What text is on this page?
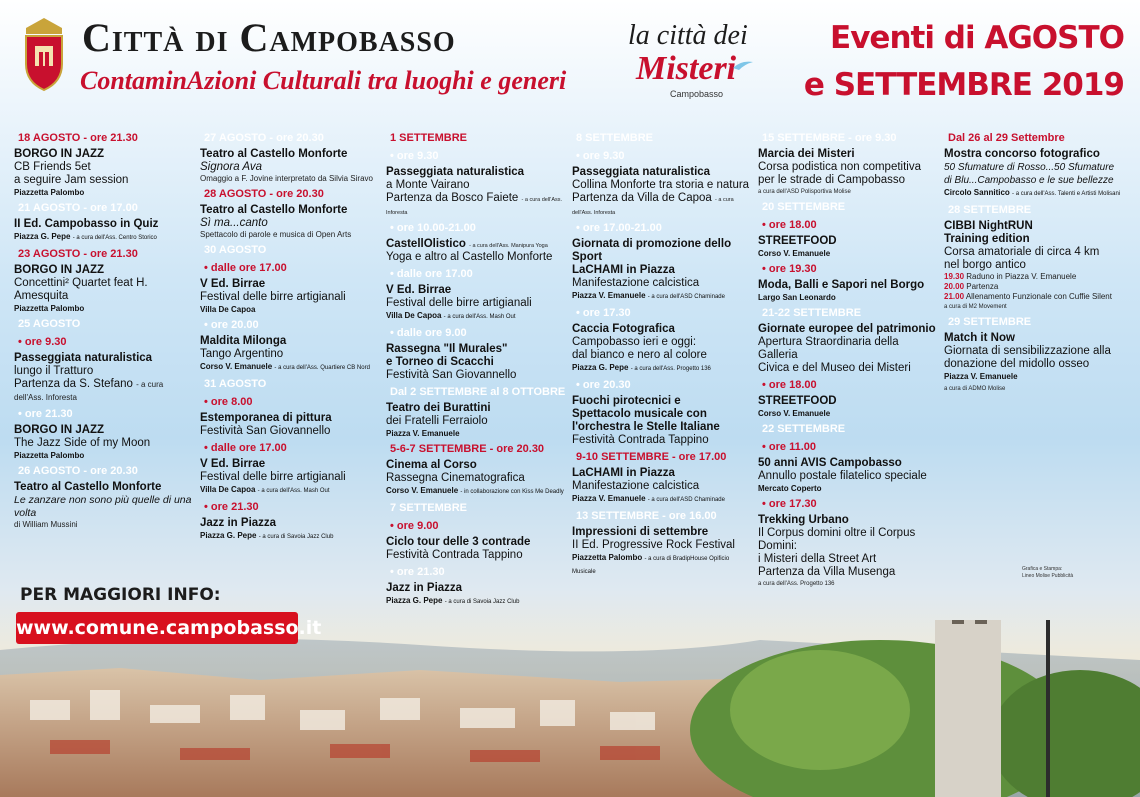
Città di Campobasso
ContaminAzioni Culturali tra luoghi e generi
la città dei
Misteri
Campobasso
Eventi di AGOSTO
e SETTEMBRE 2019
18 AGOSTO - ore 21.30
BORGO IN JAZZ
CB Friends 5et
a seguire Jam session
Piazzetta Palombo
21 AGOSTO - ore 17.00
II Ed. Campobasso in Quiz
Piazza G. Pepe - a cura dell'Ass. Centro Storico
23 AGOSTO - ore 21.30
BORGO IN JAZZ
Concettini² Quartet feat H. Amesquita
Piazzetta Palombo
25 AGOSTO
• ore 9.30
Passeggiata naturalistica
lungo il Tratturo
Partenza da S. Stefano - a cura dell'Ass. Inforesta
• ore 21.30
BORGO IN JAZZ
The Jazz Side of my Moon
Piazzetta Palombo
26 AGOSTO - ore 20.30
Teatro al Castello Monforte
Le zanzare non sono più quelle di una volta
di William Mussini
27 AGOSTO - ore 20.30
Teatro al Castello Monforte
Signora Ava
Omaggio a F. Jovine interpretato da Silvia Siravo
28 AGOSTO - ore 20.30
Teatro al Castello Monforte
Sì ma...canto
Spettacolo di parole e musica di Open Arts
30 AGOSTO
• dalle ore 17.00
V Ed. Birrae
Festival delle birre artigianali
Villa De Capoa
• ore 20.00
Maldita Milonga
Tango Argentino
Corso V. Emanuele - a cura dell'Ass. Quartiere CB Nord
31 AGOSTO
• ore 8.00
Estemporanea di pittura
Festività San Giovannello
• dalle ore 17.00
V Ed. Birrae
Festival delle birre artigianali
Villa De Capoa - a cura dell'Ass. Mash Out
• ore 21.30
Jazz in Piazza
Piazza G. Pepe - a cura di Savoia Jazz Club
1 SETTEMBRE
• ore 9.30
Passeggiata naturalistica
a Monte Vairano
Partenza da Bosco Faiete - a cura dell'Ass. Inforesta
• ore 10.00-21.00
CastellOlistico - a cura dell'Ass. Manipura Yoga
Yoga e altro al Castello Monforte
• dalle ore 17.00
V Ed. Birrae
Festival delle birre artigianali
Villa De Capoa - a cura dell'Ass. Mash Out
• dalle ore 9.00
Rassegna "Il Murales"
e Torneo di Scacchi
Festività San Giovannello
Dal 2 SETTEMBRE al 8 OTTOBRE
Teatro dei Burattini
dei Fratelli Ferraiolo
Piazza V. Emanuele
5-6-7 SETTEMBRE - ore 20.30
Cinema al Corso
Rassegna Cinematografica
Corso V. Emanuele - in collaborazione con Kiss Me Deadly
7 SETTEMBRE
• ore 9.00
Ciclo tour delle 3 contrade
Festività Contrada Tappino
• ore 21.30
Jazz in Piazza
Piazza G. Pepe - a cura di Savoia Jazz Club
8 SETTEMBRE
• ore 9.30
Passeggiata naturalistica
Collina Monforte tra storia e natura
Partenza da Villa de Capoa - a cura dell'Ass. Inforesta
• ore 17.00-21.00
Giornata di promozione dello Sport
LaCHAMI in Piazza
Manifestazione calcistica
Piazza V. Emanuele - a cura dell'ASD Chaminade
• ore 17.30
Caccia Fotografica
Campobasso ieri e oggi:
dal bianco e nero al colore
Piazza G. Pepe - a cura dell'Ass. Progetto 136
• ore 20.30
Fuochi pirotecnici e
Spettacolo musicale con
l'orchestra le Stelle Italiane
Festività Contrada Tappino
9-10 SETTEMBRE - ore 17.00
LaCHAMI in Piazza
Manifestazione calcistica
Piazza V. Emanuele - a cura dell'ASD Chaminade
13 SETTEMBRE - ore 16.00
Impressioni di settembre
II Ed. Progressive Rock Festival
Piazzetta Palombo - a cura di BradipHouse Opificio Musicale
15 SETTEMBRE - ore 9.30
Marcia dei Misteri
Corsa podistica non competitiva
per le strade di Campobasso
a cura dell'ASD Polisportiva Molise
20 SETTEMBRE
• ore 18.00
STREETFOOD
Corso V. Emanuele
• ore 19.30
Moda, Balli e Sapori nel Borgo
Largo San Leonardo
21-22 SETTEMBRE
Giornate europee del patrimonio
Apertura Straordinaria della Galleria
Civica e del Museo dei Misteri
• ore 18.00
STREETFOOD
Corso V. Emanuele
22 SETTEMBRE
• ore 11.00
50 anni AVIS Campobasso
Annullo postale filatelico speciale
Mercato Coperto
• ore 17.30
Trekking Urbano
Il Corpus domini oltre il Corpus Domini:
i Misteri della Street Art
Partenza da Villa Musenga
a cura dell'Ass. Progetto 136
Dal 26 al 29 Settembre
Mostra concorso fotografico
50 Sfumature di Rosso...50 Sfumature
di Blu...Campobasso e le sue bellezze
Circolo Sannitico - a cura dell'Ass. Talenti e Artisti Molisani
28 SETTEMBRE
CIBBI NightRUN
Training edition
Corsa amatoriale di circa 4 km
nel borgo antico
19.30 Raduno in Piazza V. Emanuele
20.00 Partenza
21.00 Allenamento Funzionale con Cuffie Silent
a cura di M2 Movement
29 SETTEMBRE
Match it Now
Giornata di sensibilizzazione alla
donazione del midollo osseo
Piazza V. Emanuele
a cura di ADMO Molise
Grafica e Stampa:
Lineo Molise Pubblicità
PER MAGGIORI INFO:
www.comune.campobasso.it
